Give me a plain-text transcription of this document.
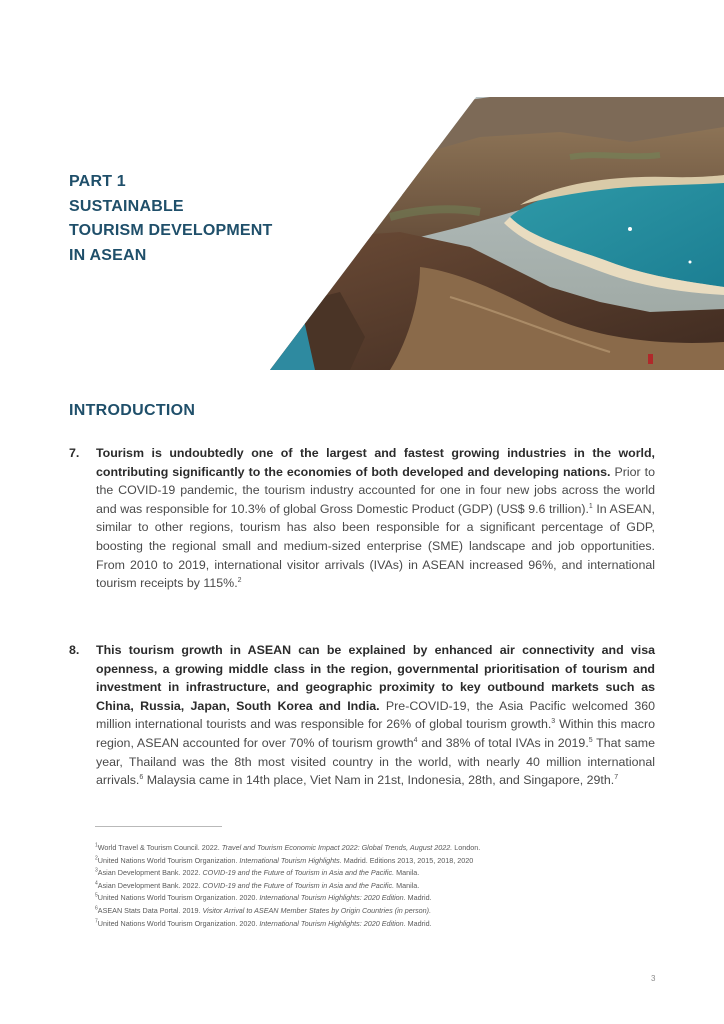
PART 1
SUSTAINABLE
TOURISM DEVELOPMENT
IN ASEAN
INTRODUCTION
7. Tourism is undoubtedly one of the largest and fastest growing industries in the world, contributing significantly to the economies of both developed and developing nations. Prior to the COVID-19 pandemic, the tourism industry accounted for one in four new jobs across the world and was responsible for 10.3% of global Gross Domestic Product (GDP) (US$ 9.6 trillion).$^1$ In ASEAN, similar to other regions, tourism has also been responsible for a significant percentage of GDP, boosting the regional small and medium-sized enterprise (SME) landscape and job opportunities. From 2010 to 2019, international visitor arrivals (IVAs) in ASEAN increased 96%, and international tourism receipts by 115%.$^2$
8. This tourism growth in ASEAN can be explained by enhanced air connectivity and visa openness, a growing middle class in the region, governmental prioritisation of tourism and investment in infrastructure, and geographic proximity to key outbound markets such as China, Russia, Japan, South Korea and India. Pre-COVID-19, the Asia Pacific welcomed 360 million international tourists and was responsible for 26% of global tourism growth.$^3$ Within this macro region, ASEAN accounted for over 70% of tourism growth$^4$ and 38% of total IVAs in 2019.$^5$ That same year, Thailand was the 8th most visited country in the world, with nearly 40 million international arrivals.$^6$ Malaysia came in 14th place, Viet Nam in 21st, Indonesia, 28th, and Singapore, 29th.$^7$
$^1$World Travel & Tourism Council. 2022. Travel and Tourism Economic Impact 2022: Global Trends, August 2022. London.
$^2$United Nations World Tourism Organization. International Tourism Highlights. Madrid. Editions 2013, 2015, 2018, 2020
$^3$Asian Development Bank. 2022. COVID-19 and the Future of Tourism in Asia and the Pacific. Manila.
$^4$Asian Development Bank. 2022. COVID-19 and the Future of Tourism in Asia and the Pacific. Manila.
$^5$United Nations World Tourism Organization. 2020. International Tourism Highlights: 2020 Edition. Madrid.
$^6$ASEAN Stats Data Portal. 2019. Visitor Arrival to ASEAN Member States by Origin Countries (in person).
$^7$United Nations World Tourism Organization. 2020. International Tourism Highlights: 2020 Edition. Madrid.
3
